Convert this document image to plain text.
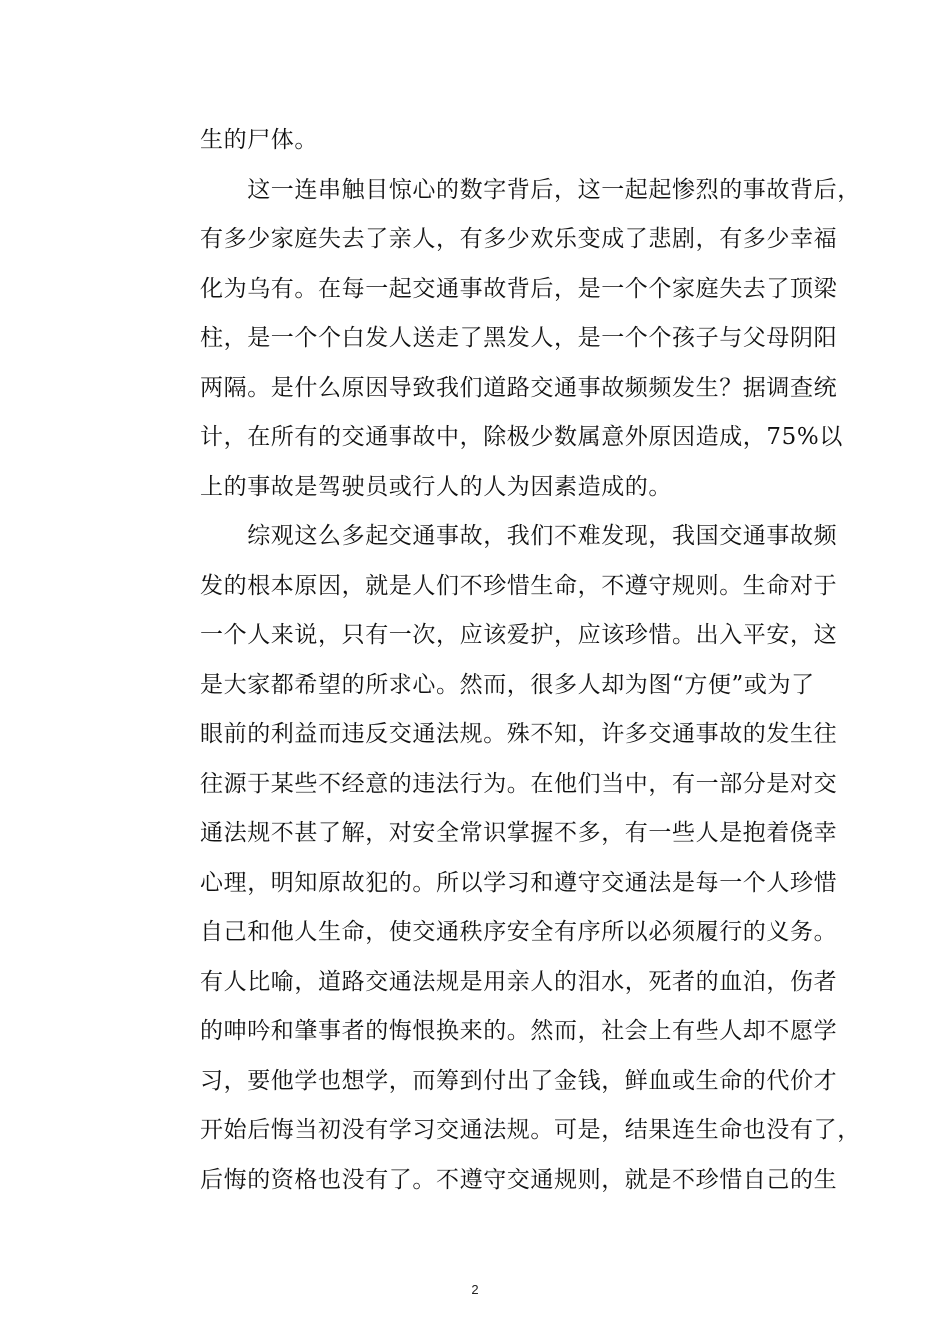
生的尸体。
　　这一连串触目惊心的数字背后，这一起起惨烈的事故背后，
有多少家庭失去了亲人，有多少欢乐变成了悲剧，有多少幸福
化为乌有。在每一起交通事故背后，是一个个家庭失去了顶梁
柱，是一个个白发人送走了黑发人，是一个个孩子与父母阴阳
两隔。是什么原因导致我们道路交通事故频频发生？据调查统
计，在所有的交通事故中，除极少数属意外原因造成，75%以
上的事故是驾驶员或行人的人为因素造成的。
　　综观这么多起交通事故，我们不难发现，我国交通事故频
发的根本原因，就是人们不珍惜生命，不遵守规则。生命对于
一个人来说，只有一次，应该爱护，应该珍惜。出入平安，这
是大家都希望的所求心。然而，很多人却为图“方便”或为了
眼前的利益而违反交通法规。殊不知，许多交通事故的发生往
往源于某些不经意的违法行为。在他们当中，有一部分是对交
通法规不甚了解，对安全常识掌握不多，有一些人是抱着侥幸
心理，明知原故犯的。所以学习和遵守交通法是每一个人珍惜
自己和他人生命，使交通秩序安全有序所以必须履行的义务。
有人比喻，道路交通法规是用亲人的泪水，死者的血泊，伤者
的呻吟和肇事者的悔恨换来的。然而，社会上有些人却不愿学
习，要他学也想学，而筹到付出了金钱，鲜血或生命的代价才
开始后悔当初没有学习交通法规。可是，结果连生命也没有了，
后悔的资格也没有了。不遵守交通规则，就是不珍惜自己的生
2
